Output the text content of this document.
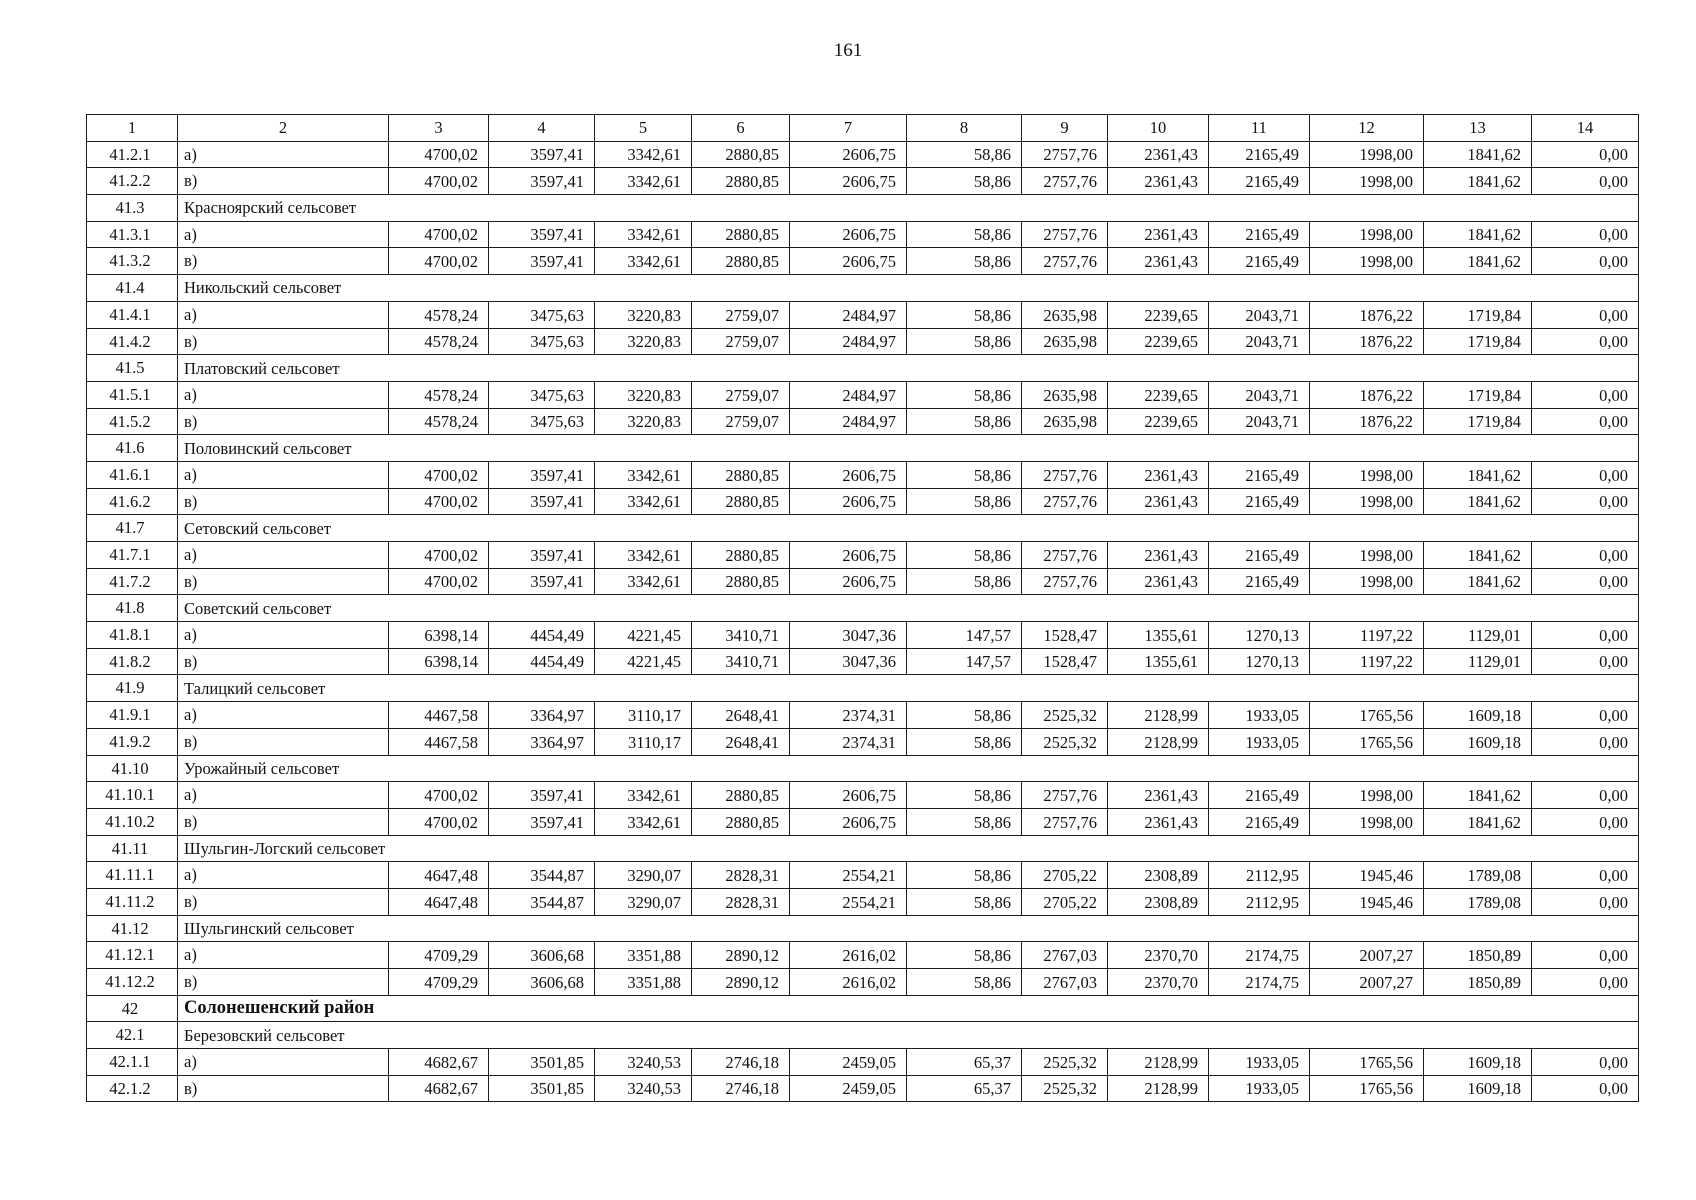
161
1	2	3	4	5	6	7	8	9	10	11	12	13	14
41.2.1	а)	4700,02	3597,41	3342,61	2880,85	2606,75	58,86	2757,76	2361,43	2165,49	1998,00	1841,62	0,00
41.2.2	в)	4700,02	3597,41	3342,61	2880,85	2606,75	58,86	2757,76	2361,43	2165,49	1998,00	1841,62	0,00
41.3	Красноярский сельсовет												
41.3.1	а)	4700,02	3597,41	3342,61	2880,85	2606,75	58,86	2757,76	2361,43	2165,49	1998,00	1841,62	0,00
41.3.2	в)	4700,02	3597,41	3342,61	2880,85	2606,75	58,86	2757,76	2361,43	2165,49	1998,00	1841,62	0,00
41.4	Никольский сельсовет												
41.4.1	а)	4578,24	3475,63	3220,83	2759,07	2484,97	58,86	2635,98	2239,65	2043,71	1876,22	1719,84	0,00
41.4.2	в)	4578,24	3475,63	3220,83	2759,07	2484,97	58,86	2635,98	2239,65	2043,71	1876,22	1719,84	0,00
41.5	Платовский сельсовет												
41.5.1	а)	4578,24	3475,63	3220,83	2759,07	2484,97	58,86	2635,98	2239,65	2043,71	1876,22	1719,84	0,00
41.5.2	в)	4578,24	3475,63	3220,83	2759,07	2484,97	58,86	2635,98	2239,65	2043,71	1876,22	1719,84	0,00
41.6	Половинский сельсовет												
41.6.1	а)	4700,02	3597,41	3342,61	2880,85	2606,75	58,86	2757,76	2361,43	2165,49	1998,00	1841,62	0,00
41.6.2	в)	4700,02	3597,41	3342,61	2880,85	2606,75	58,86	2757,76	2361,43	2165,49	1998,00	1841,62	0,00
41.7	Сетовский сельсовет												
41.7.1	а)	4700,02	3597,41	3342,61	2880,85	2606,75	58,86	2757,76	2361,43	2165,49	1998,00	1841,62	0,00
41.7.2	в)	4700,02	3597,41	3342,61	2880,85	2606,75	58,86	2757,76	2361,43	2165,49	1998,00	1841,62	0,00
41.8	Советский сельсовет												
41.8.1	а)	6398,14	4454,49	4221,45	3410,71	3047,36	147,57	1528,47	1355,61	1270,13	1197,22	1129,01	0,00
41.8.2	в)	6398,14	4454,49	4221,45	3410,71	3047,36	147,57	1528,47	1355,61	1270,13	1197,22	1129,01	0,00
41.9	Талицкий сельсовет												
41.9.1	а)	4467,58	3364,97	3110,17	2648,41	2374,31	58,86	2525,32	2128,99	1933,05	1765,56	1609,18	0,00
41.9.2	в)	4467,58	3364,97	3110,17	2648,41	2374,31	58,86	2525,32	2128,99	1933,05	1765,56	1609,18	0,00
41.10	Урожайный сельсовет												
41.10.1	а)	4700,02	3597,41	3342,61	2880,85	2606,75	58,86	2757,76	2361,43	2165,49	1998,00	1841,62	0,00
41.10.2	в)	4700,02	3597,41	3342,61	2880,85	2606,75	58,86	2757,76	2361,43	2165,49	1998,00	1841,62	0,00
41.11	Шульгин-Логский сельсовет												
41.11.1	а)	4647,48	3544,87	3290,07	2828,31	2554,21	58,86	2705,22	2308,89	2112,95	1945,46	1789,08	0,00
41.11.2	в)	4647,48	3544,87	3290,07	2828,31	2554,21	58,86	2705,22	2308,89	2112,95	1945,46	1789,08	0,00
41.12	Шульгинский сельсовет												
41.12.1	а)	4709,29	3606,68	3351,88	2890,12	2616,02	58,86	2767,03	2370,70	2174,75	2007,27	1850,89	0,00
41.12.2	в)	4709,29	3606,68	3351,88	2890,12	2616,02	58,86	2767,03	2370,70	2174,75	2007,27	1850,89	0,00
42	Солонешенский район												
42.1	Березовский сельсовет												
42.1.1	а)	4682,67	3501,85	3240,53	2746,18	2459,05	65,37	2525,32	2128,99	1933,05	1765,56	1609,18	0,00
42.1.2	в)	4682,67	3501,85	3240,53	2746,18	2459,05	65,37	2525,32	2128,99	1933,05	1765,56	1609,18	0,00
